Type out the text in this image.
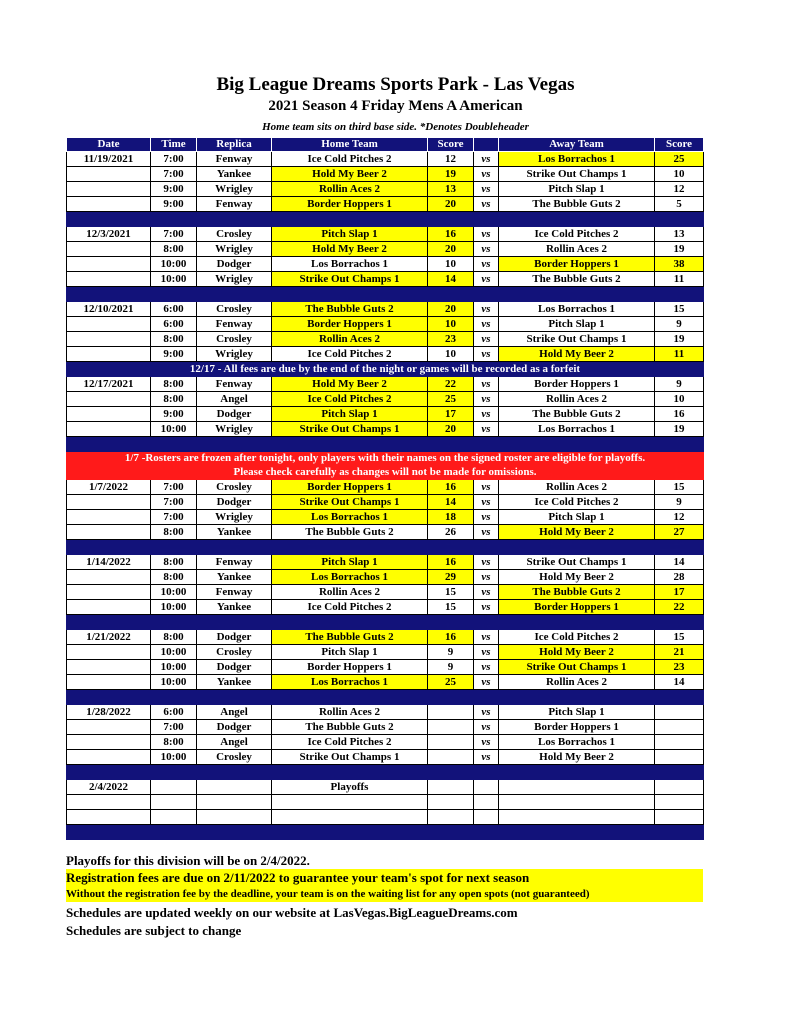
Big League Dreams Sports Park - Las Vegas
2021 Season 4 Friday Mens A American
Home team sits on third base side. *Denotes Doubleheader
Date	Time	Replica	Home Team	Score		Away Team	Score
11/19/2021	7:00	Fenway	Ice Cold Pitches 2	12	vs	Los Borrachos 1	25
	7:00	Yankee	Hold My Beer 2	19	vs	Strike Out Champs 1	10
	9:00	Wrigley	Rollin Aces 2	13	vs	Pitch Slap 1	12
	9:00	Fenway	Border Hoppers 1	20	vs	The Bubble Guts 2	5

12/3/2021	7:00	Crosley	Pitch Slap 1	16	vs	Ice Cold Pitches 2	13
	8:00	Wrigley	Hold My Beer 2	20	vs	Rollin Aces 2	19
	10:00	Dodger	Los Borrachos 1	10	vs	Border Hoppers 1	38
	10:00	Wrigley	Strike Out Champs 1	14	vs	The Bubble Guts 2	11

12/10/2021	6:00	Crosley	The Bubble Guts 2	20	vs	Los Borrachos 1	15
	6:00	Fenway	Border Hoppers 1	10	vs	Pitch Slap 1	9
	8:00	Crosley	Rollin Aces 2	23	vs	Strike Out Champs 1	19
	9:00	Wrigley	Ice Cold Pitches 2	10	vs	Hold My Beer 2	11
12/17 - All fees are due by the end of the night or games will be recorded as a forfeit							
12/17/2021	8:00	Fenway	Hold My Beer 2	22	vs	Border Hoppers 1	9
	8:00	Angel	Ice Cold Pitches 2	25	vs	Rollin Aces 2	10
	9:00	Dodger	Pitch Slap 1	17	vs	The Bubble Guts 2	16
	10:00	Wrigley	Strike Out Champs 1	20	vs	Los Borrachos 1	19

1/7 -Rosters are frozen after tonight, only players with their names on the signed roster are eligible for playoffs.							
Please check carefully as changes will not be made for omissions.							
1/7/2022	7:00	Crosley	Border Hoppers 1	16	vs	Rollin Aces 2	15
	7:00	Dodger	Strike Out Champs 1	14	vs	Ice Cold Pitches 2	9
	7:00	Wrigley	Los Borrachos 1	18	vs	Pitch Slap 1	12
	8:00	Yankee	The Bubble Guts 2	26	vs	Hold My Beer 2	27

1/14/2022	8:00	Fenway	Pitch Slap 1	16	vs	Strike Out Champs 1	14
	8:00	Yankee	Los Borrachos 1	29	vs	Hold My Beer 2	28
	10:00	Fenway	Rollin Aces 2	15	vs	The Bubble Guts 2	17
	10:00	Yankee	Ice Cold Pitches 2	15	vs	Border Hoppers 1	22

1/21/2022	8:00	Dodger	The Bubble Guts 2	16	vs	Ice Cold Pitches 2	15
	10:00	Crosley	Pitch Slap 1	9	vs	Hold My Beer 2	21
	10:00	Dodger	Border Hoppers 1	9	vs	Strike Out Champs 1	23
	10:00	Yankee	Los Borrachos 1	25	vs	Rollin Aces 2	14

1/28/2022	6:00	Angel	Rollin Aces 2		vs	Pitch Slap 1	
	7:00	Dodger	The Bubble Guts 2		vs	Border Hoppers 1	
	8:00	Angel	Ice Cold Pitches 2		vs	Los Borrachos 1	
	10:00	Crosley	Strike Out Champs 1		vs	Hold My Beer 2	

2/4/2022			Playoffs				

Playoffs for this division will be on 2/4/2022.
Registration fees are due on 2/11/2022 to guarantee your team's spot for next season
Without the registration fee by the deadline, your team is on the waiting list for any open spots (not guaranteed)
Schedules are updated weekly on our website at LasVegas.BigLeagueDreams.com
Schedules are subject to change
